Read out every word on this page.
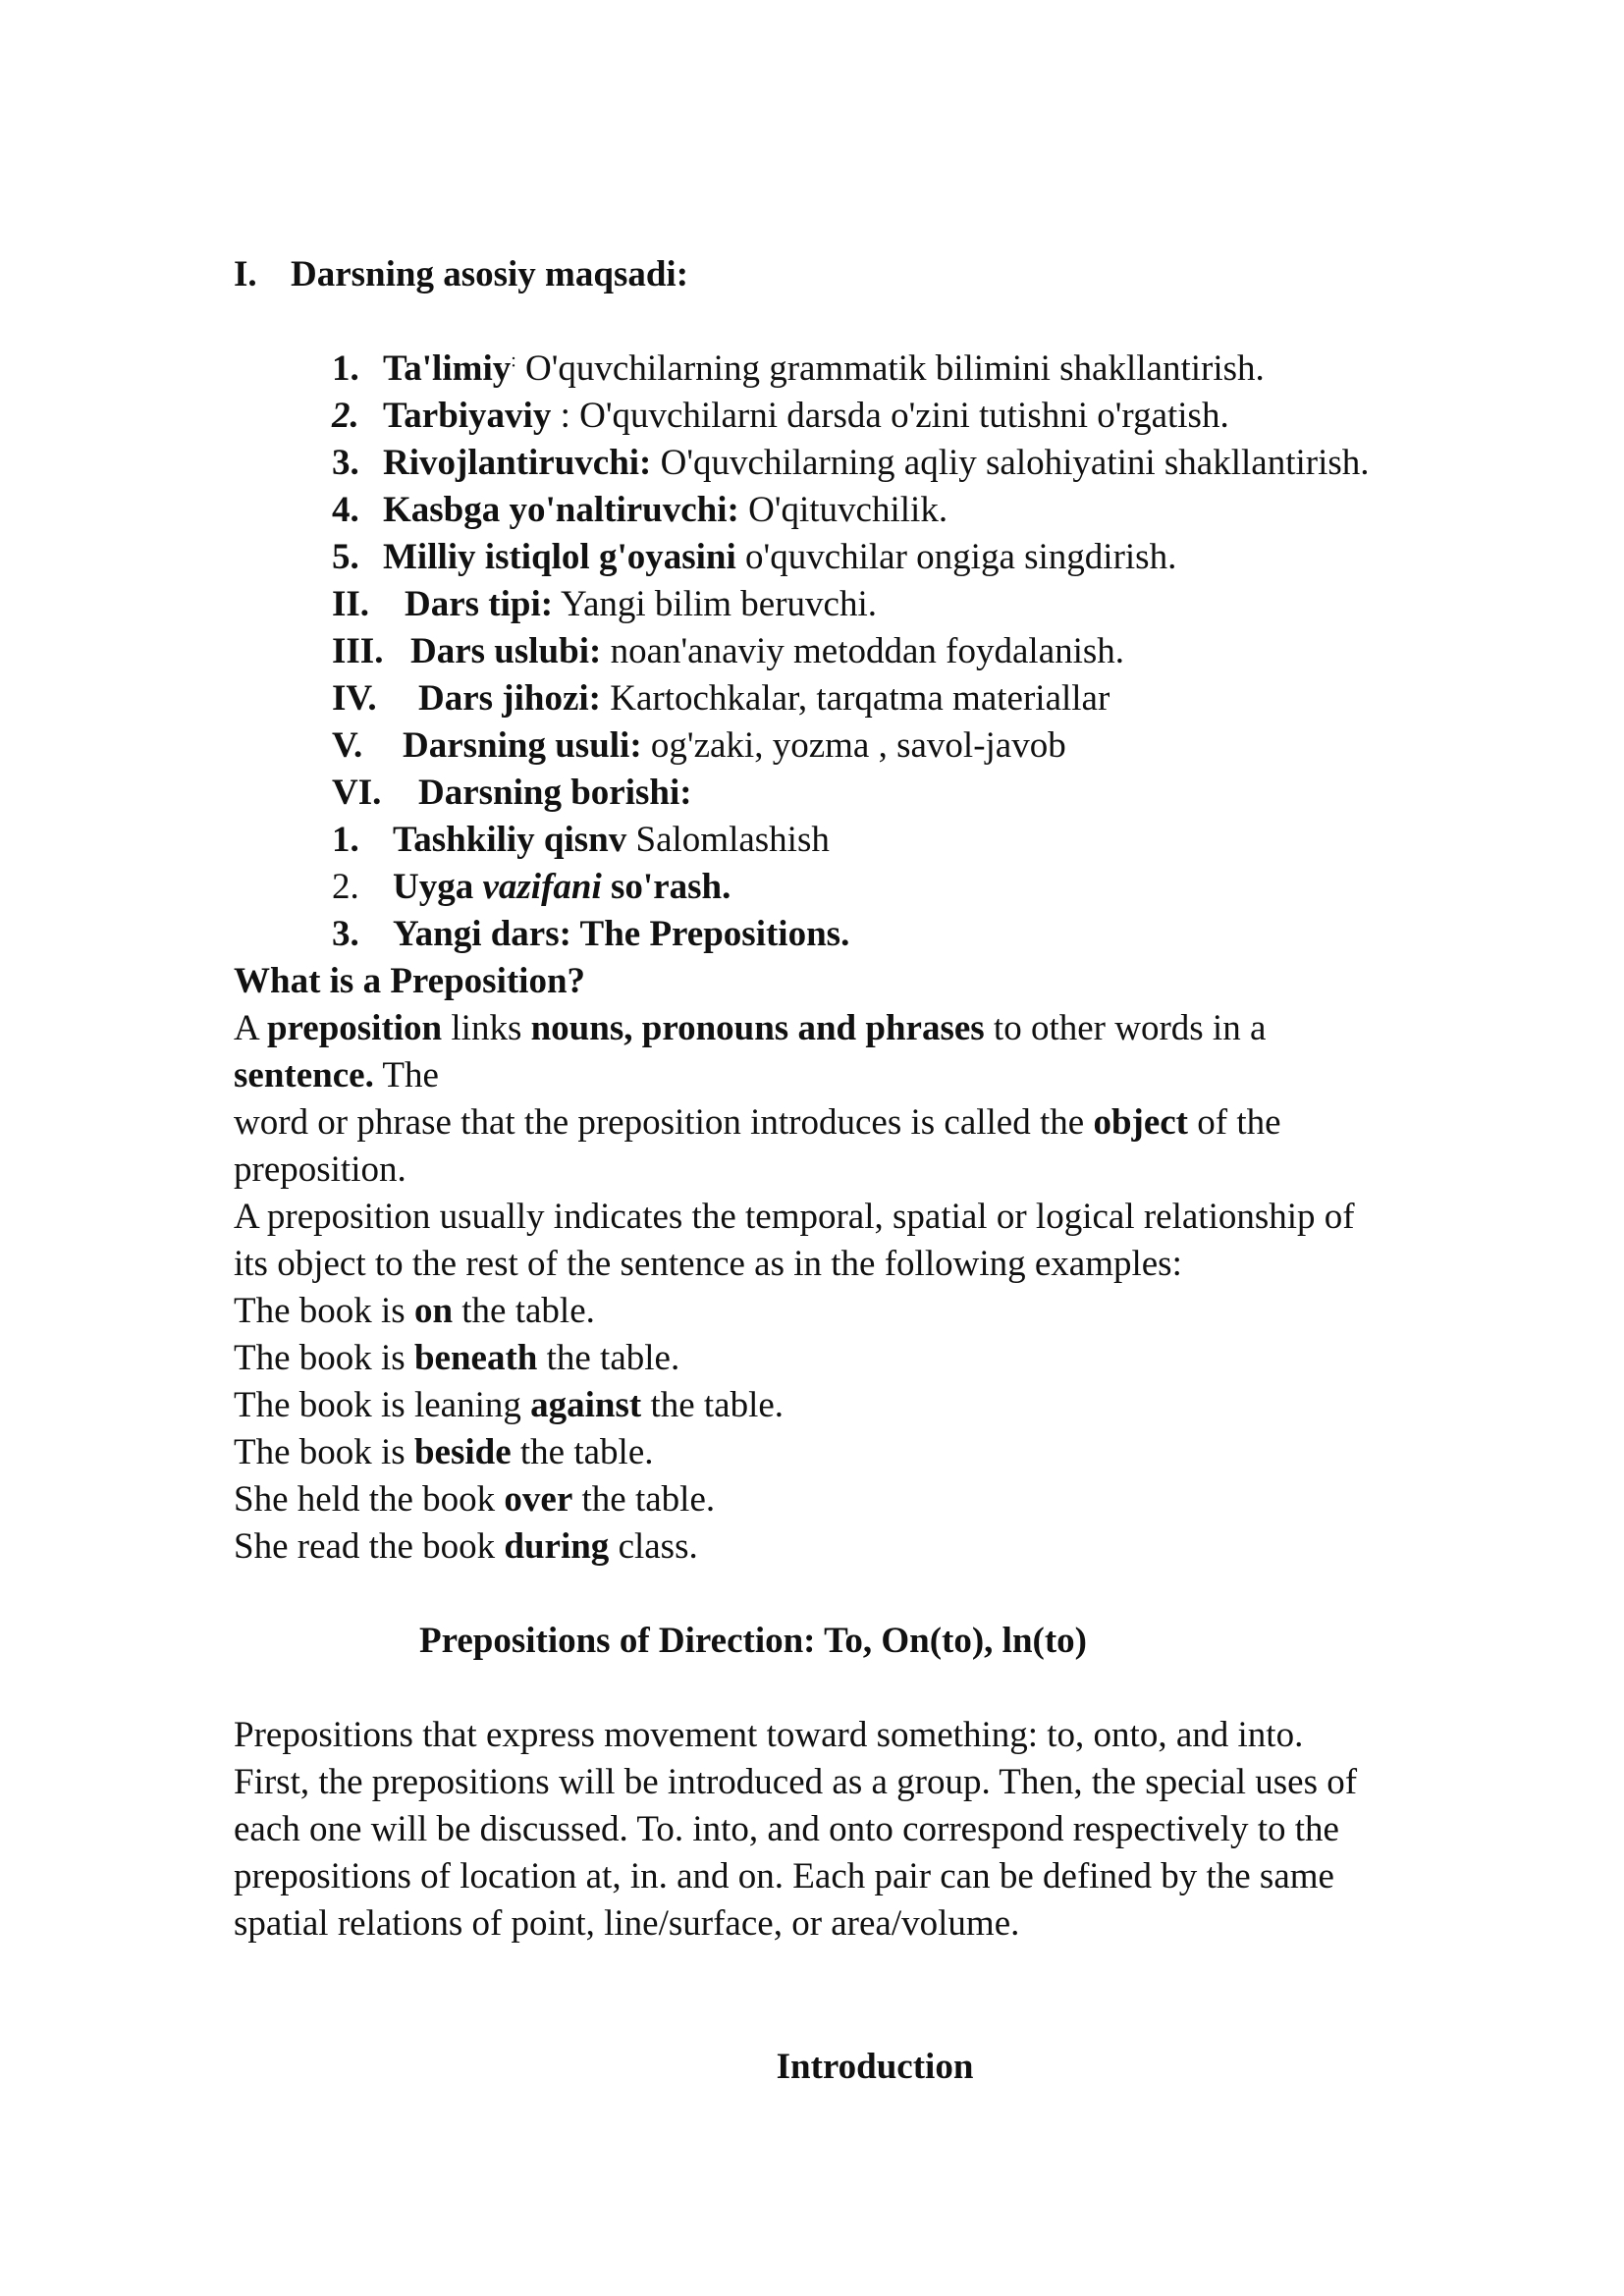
I. Darsning asosiy maqsadi:
1. Ta'limiy: O'quvchilarning grammatik bilimini shakllantirish.
2. Tarbiyaviy : O'quvchilarni darsda o'zini tutishni o'rgatish.
3. Rivojlantiruvchi: O'quvchilarning aqliy salohiyatini shakllantirish.
4. Kasbga yo'naltiruvchi: O'qituvchilik.
5. Milliy istiqlol g'oyasini o'quvchilar ongiga singdirish.
II. Dars tipi: Yangi bilim beruvchi.
III. Dars uslubi: noan'anaviy metoddan foydalanish.
IV. Dars jihozi: Kartochkalar, tarqatma materiallar
V. Darsning usuli: og'zaki, yozma , savol-javob
VI. Darsning borishi:
1. Tashkiliy qisnv Salomlashish
2. Uyga vazifani so'rash.
3. Yangi dars: The Prepositions.
What is a Preposition?
A preposition links nouns, pronouns and phrases to other words in a
sentence. The
word or phrase that the preposition introduces is called the object of the
preposition.
A preposition usually indicates the temporal, spatial or logical relationship of
its object to the rest of the sentence as in the following examples:
The book is on the table.
The book is beneath the table.
The book is leaning against the table.
The book is beside the table.
She held the book over the table.
She read the book during class.
Prepositions of Direction: To, On(to), ln(to)
Prepositions that express movement toward something: to, onto, and into.
First, the prepositions will be introduced as a group. Then, the special uses of
each one will be discussed. To. into, and onto correspond respectively to the
prepositions of location at, in. and on. Each pair can be defined by the same
spatial relations of point, line/surface, or area/volume.
Introduction
